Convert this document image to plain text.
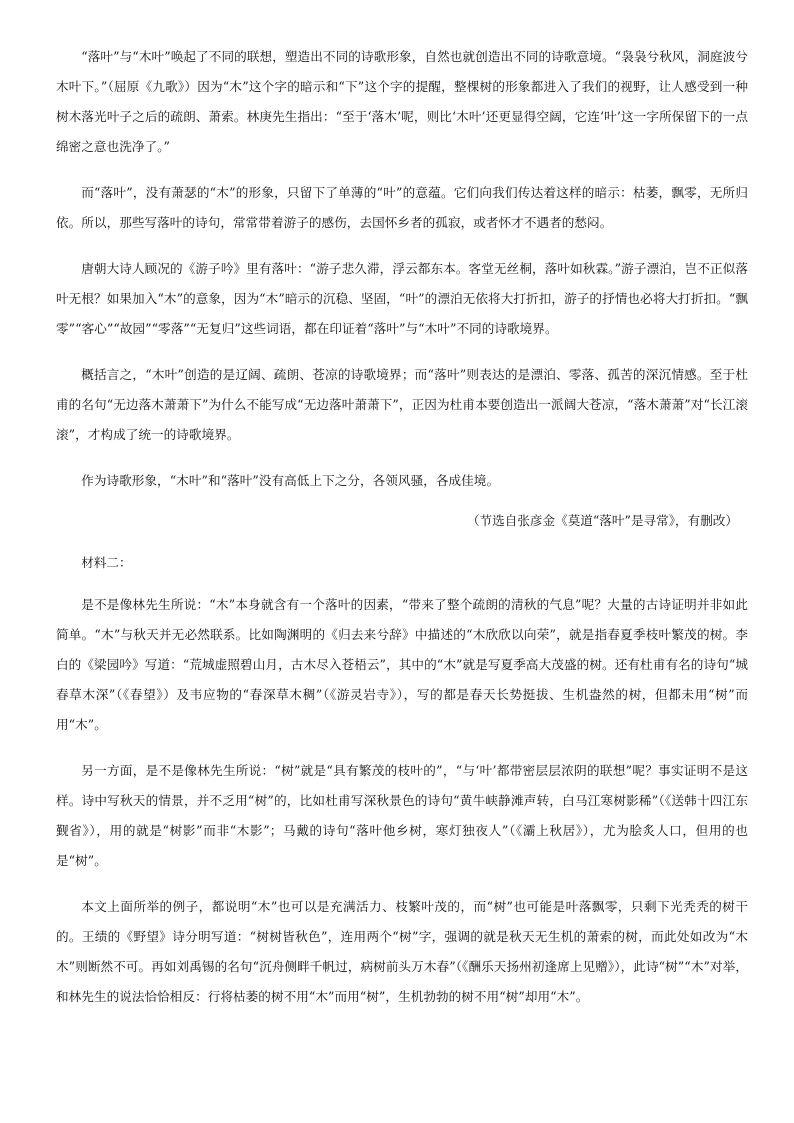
“落叶”与“木叶”唤起了不同的联想，塑造出不同的诗歌形象，自然也就创造出不同的诗歌意境。“袅袅兮秋风，洞庭波兮木叶下。”（屈原《九歌》）因为“木”这个字的暗示和“下”这个字的提醒，整棵树的形象都进入了我们的视野，让人感受到一种树木落光叶子之后的疏朗、萧索。林庚先生指出：“至于‘落木’呢，则比‘木叶’还更显得空阔，它连‘叶’这一字所保留下的一点绵密之意也洗净了。”

而“落叶”，没有萧瑟的“木”的形象，只留下了单薄的“叶”的意蕴。它们向我们传达着这样的暗示：枯萎，飘零，无所归依。所以，那些写落叶的诗句，常常带着游子的感伤，去国怀乡者的孤寂，或者怀才不遇者的愁闷。

唐朝大诗人顾况的《游子吟》里有落叶：“游子悲久滞，浮云都东本。客堂无丝桐，落叶如秋霖。”游子漂泊，岂不正似落叶无根？如果加入“木”的意象，因为“木”暗示的沉稳、坚固，“叶”的漂泊无依将大打折扣，游子的抒情也必将大打折扣。“飘零”“客心”“故园”“零落”“无复归”这些词语，都在印证着“落叶”与“木叶”不同的诗歌境界。

概括言之，“木叶”创造的是辽阔、疏朗、苍凉的诗歌境界；而“落叶”则表达的是漂泊、零落、孤苦的深沉情感。至于杜甫的名句“无边落木萧萧下”为什么不能写成“无边落叶萧萧下”，正因为杜甫本要创造出一派阔大苍凉，“落木萧萧”对“长江滚滚”，才构成了统一的诗歌境界。

作为诗歌形象，“木叶”和“落叶”没有高低上下之分，各领风骚，各成佳境。

（节选自张彦金《莫道“落叶”是寻常》，有删改）
材料二：

是不是像林先生所说：“木”本身就含有一个落叶的因素，“带来了整个疏朗的清秋的气息”呢？大量的古诗证明并非如此简单。“木”与秋天并无必然联系。比如陶渊明的《归去来兮辞》中描述的“木欣欣以向荣”，就是指春夏季枝叶繁茂的树。李白的《梁园吟》写道：“荒城虚照碧山月，古木尽入苍梧云”，其中的“木”就是写夏季高大茂盛的树。还有杜甫有名的诗句“城春草木深”（《春望》）及韦应物的“春深草木稠”（《游灵岩寺》），写的都是春天长势挺拔、生机盎然的树，但都未用“树”而用“木”。

另一方面，是不是像林先生所说：“树”就是“具有繁茂的枝叶的”，“与‘叶’都带密层层浓阴的联想”呢？事实证明不是这样。诗中写秋天的情景，并不乏用“树”的，比如杜甫写深秋景色的诗句“黄牛峡静滩声转，白马江寒树影稀”（《送韩十四江东觐省》），用的就是“树影”而非“木影”；马戴的诗句“落叶他乡树，寒灯独夜人”（《灞上秋居》），尤为脍炙人口，但用的也是“树”。

本文上面所举的例子，都说明“木”也可以是充满活力、枝繁叶茂的，而“树”也可能是叶落飘零，只剩下光秃秃的树干的。王绩的《野望》诗分明写道：“树树皆秋色”，连用两个“树”字，强调的就是秋天无生机的萧索的树，而此处如改为“木木”则断然不可。再如刘禹锡的名句“沉舟侧畔千帆过，病树前头万木春”（《酬乐天扬州初逢席上见赠》），此诗“树”“木”对举，和林先生的说法恰恰相反：行将枯萎的树不用“木”而用“树”，生机勃勃的树不用“树”却用“木”。
